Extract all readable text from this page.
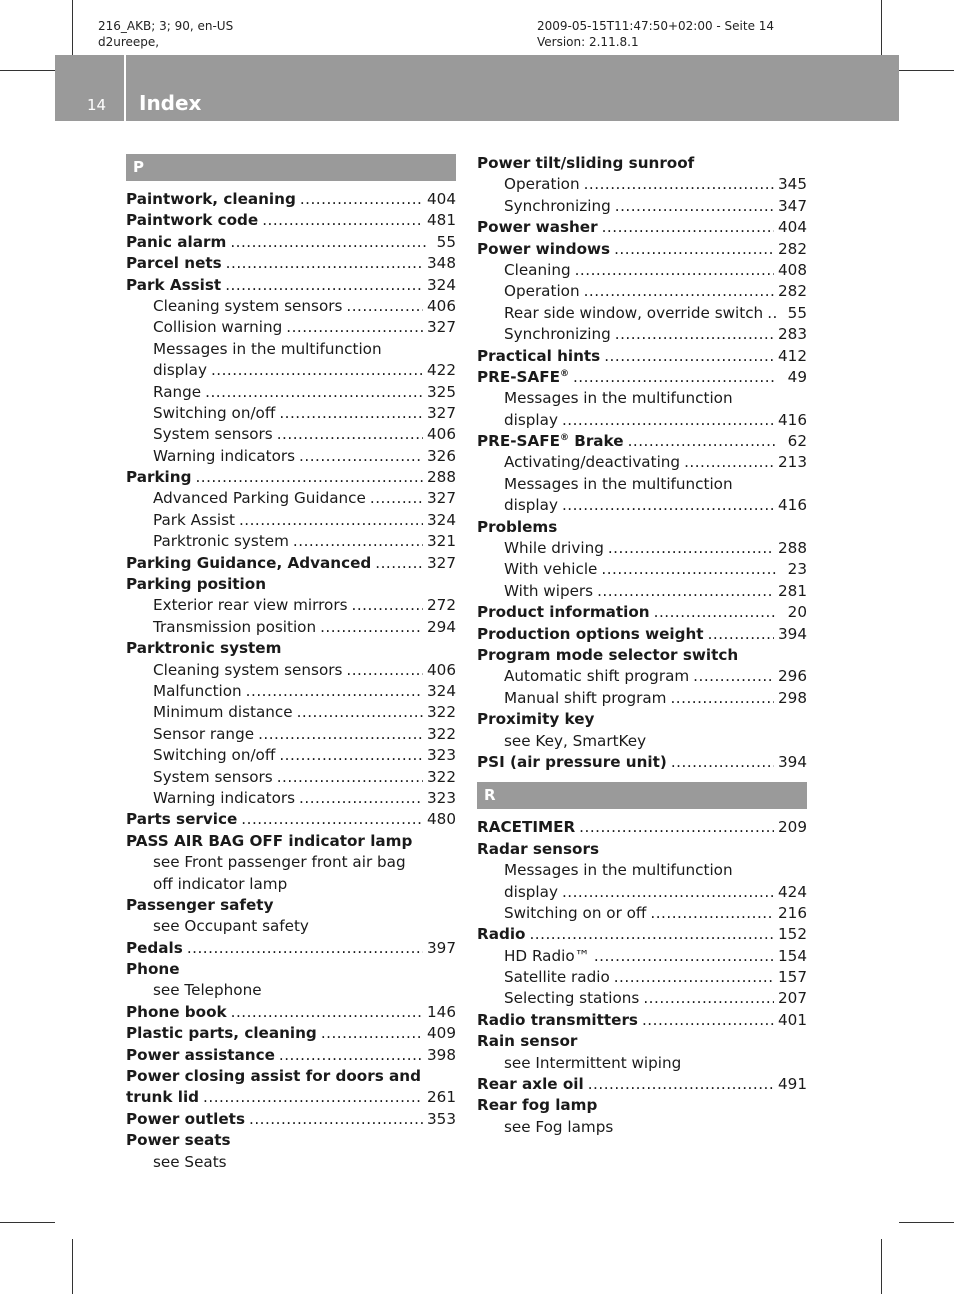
216_AKB; 3; 90, en-US
d2ureepe,
2009-05-15T11:47:50+02:00 - Seite 14
Version: 2.11.8.1
14 Index
P
Paintwork, cleaning .....	404
Paintwork code .....	481
Panic alarm .....	55
Parcel nets .....	348
Park Assist .....	324
Cleaning system sensors .....	406
Collision warning .....	327
Messages in the multifunction
display .....	422
Range .....	325
Switching on/off .....	327
System sensors .....	406
Warning indicators .....	326
Parking .....	288
Advanced Parking Guidance .....	327
Park Assist .....	324
Parktronic system .....	321
Parking Guidance, Advanced .....	327
Parking position
Exterior rear view mirrors .....	272
Transmission position .....	294
Parktronic system
Cleaning system sensors .....	406
Malfunction .....	324
Minimum distance .....	322
Sensor range .....	322
Switching on/off .....	323
System sensors .....	322
Warning indicators .....	323
Parts service .....	480
PASS AIR BAG OFF indicator lamp
see Front passenger front air bag
off indicator lamp
Passenger safety
see Occupant safety
Pedals .....	397
Phone
see Telephone
Phone book .....	146
Plastic parts, cleaning .....	409
Power assistance .....	398
Power closing assist for doors and
trunk lid .....	261
Power outlets .....	353
Power seats
see Seats
Power tilt/sliding sunroof
Operation .....	345
Synchronizing .....	347
Power washer .....	404
Power windows .....	282
Cleaning .....	408
Operation .....	282
Rear side window, override switch .....	55
Synchronizing .....	283
Practical hints .....	412
PRE-SAFE® .....	49
Messages in the multifunction
display .....	416
PRE-SAFE® Brake .....	62
Activating/deactivating .....	213
Messages in the multifunction
display .....	416
Problems
While driving .....	288
With vehicle .....	23
With wipers .....	281
Product information .....	20
Production options weight .....	394
Program mode selector switch
Automatic shift program .....	296
Manual shift program .....	298
Proximity key
see Key, SmartKey
PSI (air pressure unit) .....	394
R
RACETIMER .....	209
Radar sensors
Messages in the multifunction
display .....	424
Switching on or off .....	216
Radio .....	152
HD Radio™ .....	154
Satellite radio .....	157
Selecting stations .....	207
Radio transmitters .....	401
Rain sensor
see Intermittent wiping
Rear axle oil .....	491
Rear fog lamp
see Fog lamps
